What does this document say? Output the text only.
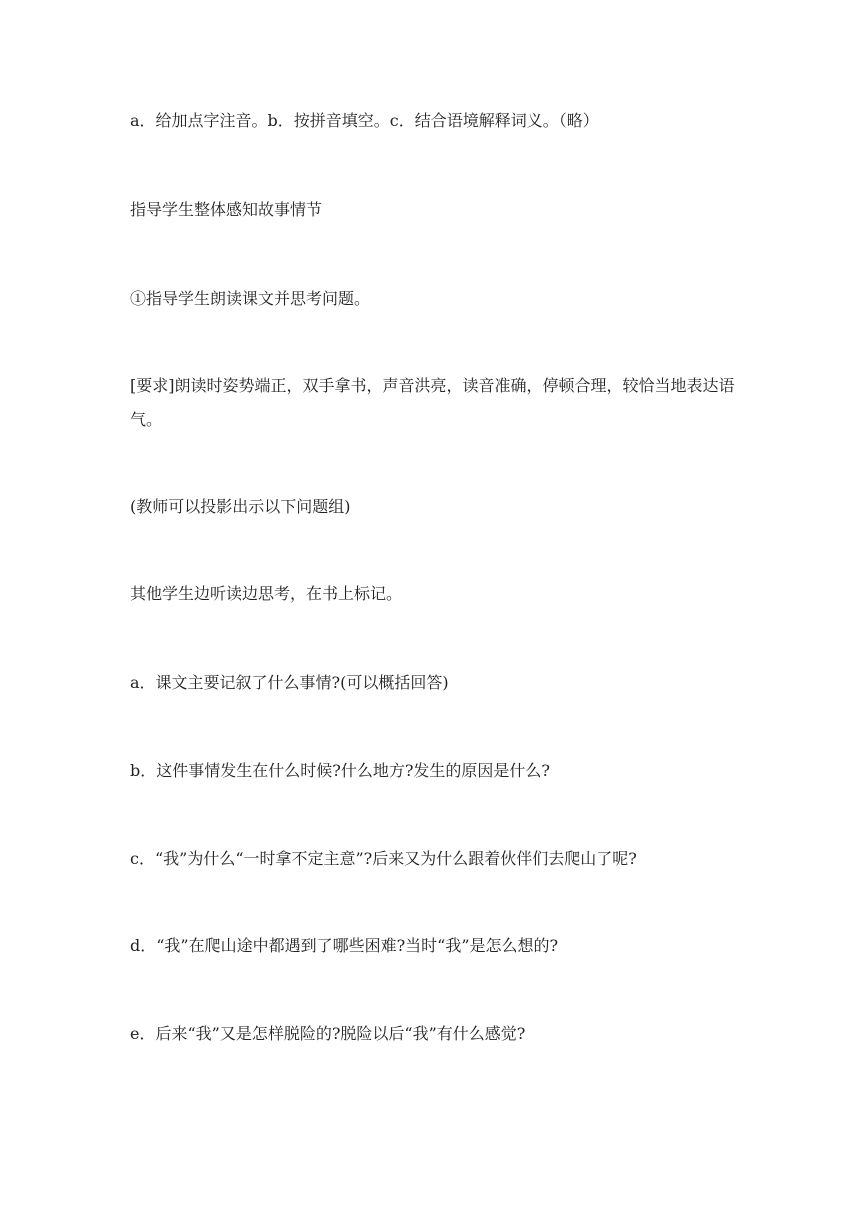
a．给加点字注音。b．按拼音填空。c．结合语境解释词义。（略）

指导学生整体感知故事情节

①指导学生朗读课文并思考问题。

[要求]朗读时姿势端正，双手拿书，声音洪亮，读音准确，停顿合理，较恰当地表达语气。

(教师可以投影出示以下问题组)

其他学生边听读边思考，在书上标记。

a．课文主要记叙了什么事情?(可以概括回答)

b．这件事情发生在什么时候?什么地方?发生的原因是什么?

c．“我”为什么“一时拿不定主意”?后来又为什么跟着伙伴们去爬山了呢?

d．“我”在爬山途中都遇到了哪些困难?当时“我”是怎么想的?

e．后来“我”又是怎样脱险的?脱险以后“我”有什么感觉?
